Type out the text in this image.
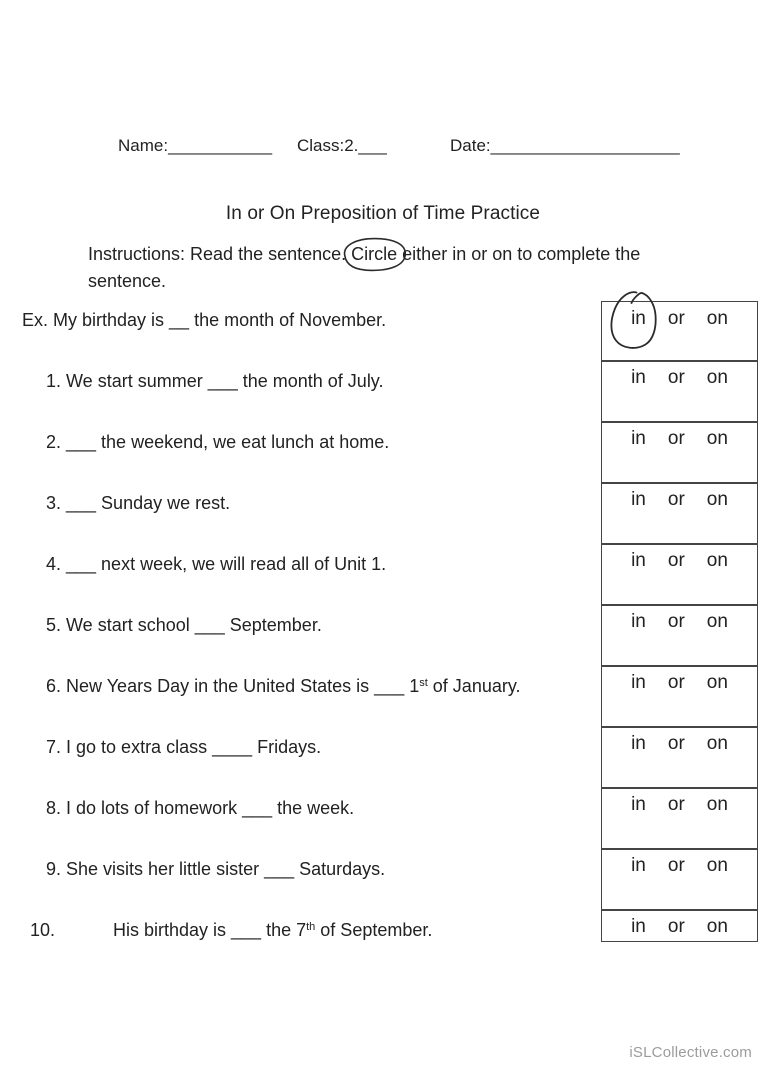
Name:___________ Class:2.___	Date:____________________
In or On Preposition of Time Practice
Instructions: Read the sentence.
Circle either in or on to complete the
sentence.
Ex. My birthday is __ the month of November.	in or on
1. We start summer ___ the month of July.	in or on
2. ___ the weekend, we eat lunch at home.	in or on
3. ___ Sunday we rest.	in or on
4. ___ next week, we will read all of Unit 1.	in or on
5. We start school ___ September.	in or on
6. New Years Day in the United States is ___ 1st of January.	in or on
7. I go to extra class ____ Fridays.	in or on
8. I do lots of homework ___ the week.	in or on
9. She visits her little sister ___ Saturdays.	in or on
10.	His birthday is ___ the 7th of September.	in or on
iSLCollective.com
